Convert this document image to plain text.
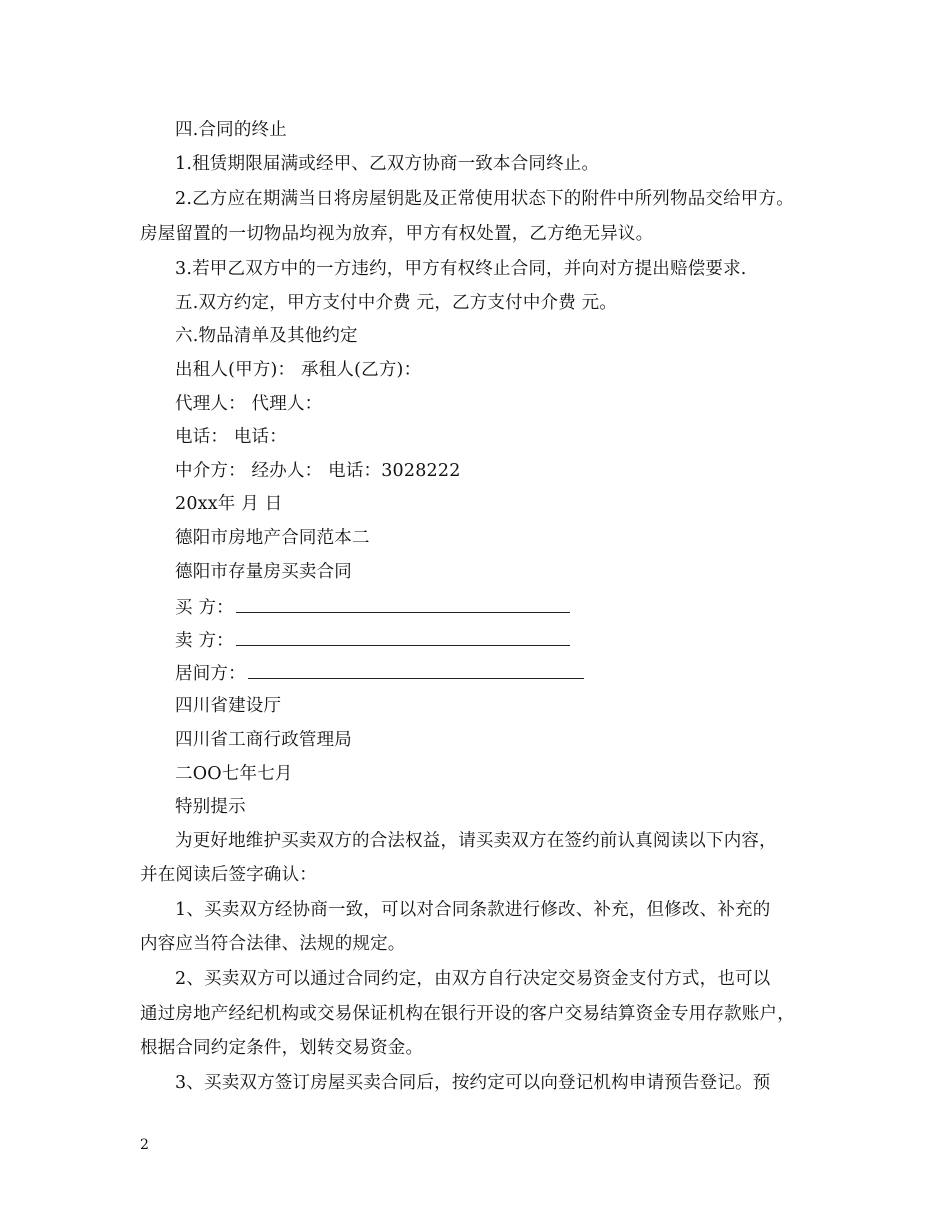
四.合同的终止
1.租赁期限届满或经甲、乙双方协商一致本合同终止。
2.乙方应在期满当日将房屋钥匙及正常使用状态下的附件中所列物品交给甲方。
房屋留置的一切物品均视为放弃，甲方有权处置，乙方绝无异议。
3.若甲乙双方中的一方违约，甲方有权终止合同，并向对方提出赔偿要求.
五.双方约定，甲方支付中介费 元，乙方支付中介费 元。
六.物品清单及其他约定
出租人(甲方)： 承租人(乙方)：
代理人： 代理人：
电话： 电话：
中介方： 经办人： 电话：3028222
20xx年 月 日
德阳市房地产合同范本二
德阳市存量房买卖合同
买 方：
卖 方：
居间方：
四川省建设厅
四川省工商行政管理局
二OO七年七月
特别提示
为更好地维护买卖双方的合法权益，请买卖双方在签约前认真阅读以下内容，
并在阅读后签字确认：
1、买卖双方经协商一致，可以对合同条款进行修改、补充，但修改、补充的
内容应当符合法律、法规的规定。
2、买卖双方可以通过合同约定，由双方自行决定交易资金支付方式，也可以
通过房地产经纪机构或交易保证机构在银行开设的客户交易结算资金专用存款账户，
根据合同约定条件，划转交易资金。
3、买卖双方签订房屋买卖合同后，按约定可以向登记机构申请预告登记。预
2
